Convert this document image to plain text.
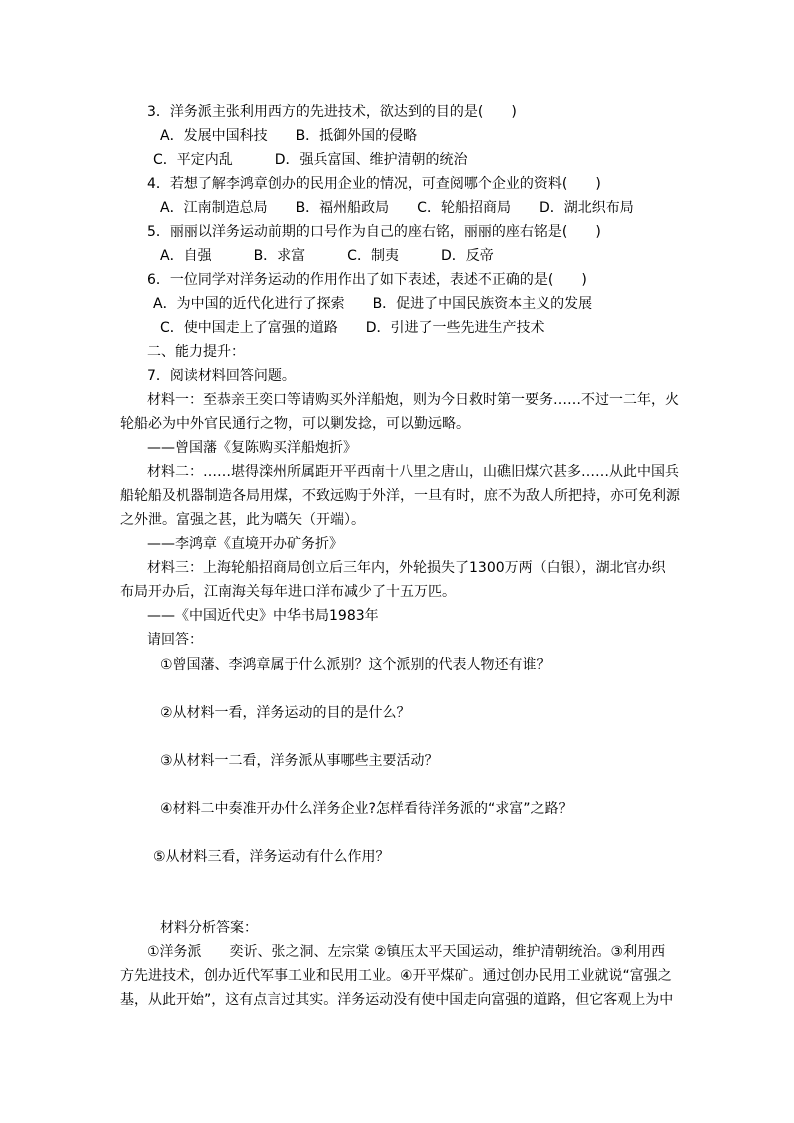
3．洋务派主张利用西方的先进技术，欲达到的目的是(　　)
A．发展中国科技　　B．抵御外国的侵略
C．平定内乱　　　D．强兵富国、维护清朝的统治
4．若想了解李鸿章创办的民用企业的情况，可查阅哪个企业的资料(　　)
A．江南制造总局　　B．福州船政局　　C．轮船招商局　　D．湖北织布局
5．丽丽以洋务运动前期的口号作为自己的座右铭，丽丽的座右铭是(　　)
A．自强　　　B．求富　　　C．制夷　　　D．反帝
6．一位同学对洋务运动的作用作出了如下表述，表述不正确的是(　　)
A．为中国的近代化进行了探索　　B．促进了中国民族资本主义的发展
C．使中国走上了富强的道路　　D．引进了一些先进生产技术
二、能力提升：
7．阅读材料回答问题。
材料一：至恭亲王奕口等请购买外洋船炮，则为今日救时第一要务……不过一二年，火
轮船必为中外官民通行之物，可以剿发捻，可以勤远略。
——曾国藩《复陈购买洋船炮折》
材料二：……堪得滦州所属距开平西南十八里之唐山，山礁旧煤穴甚多……从此中国兵
船轮船及机器制造各局用煤，不致远购于外洋，一旦有时，庶不为敌人所把持，亦可免利源
之外泄。富强之甚，此为嚆矢（开端）。
——李鸿章《直境开办矿务折》
材料三：上海轮船招商局创立后三年内，外轮损失了1300万两（白银），湖北官办织
布局开办后，江南海关每年进口洋布减少了十五万匹。
——《中国近代史》中华书局1983年
请回答：
①曾国藩、李鸿章属于什么派别？这个派别的代表人物还有谁？
②从材料一看，洋务运动的目的是什么？
③从材料一二看，洋务派从事哪些主要活动？
④材料二中奏准开办什么洋务企业?怎样看待洋务派的“求富”之路？
⑤从材料三看，洋务运动有什么作用？
材料分析答案：
①洋务派　　奕䜣、张之洞、左宗棠 ②镇压太平天国运动，维护清朝统治。③利用西
方先进技术，创办近代军事工业和民用工业。④开平煤矿。通过创办民用工业就说“富强之
基，从此开始”，这有点言过其实。洋务运动没有使中国走向富强的道路，但它客观上为中
